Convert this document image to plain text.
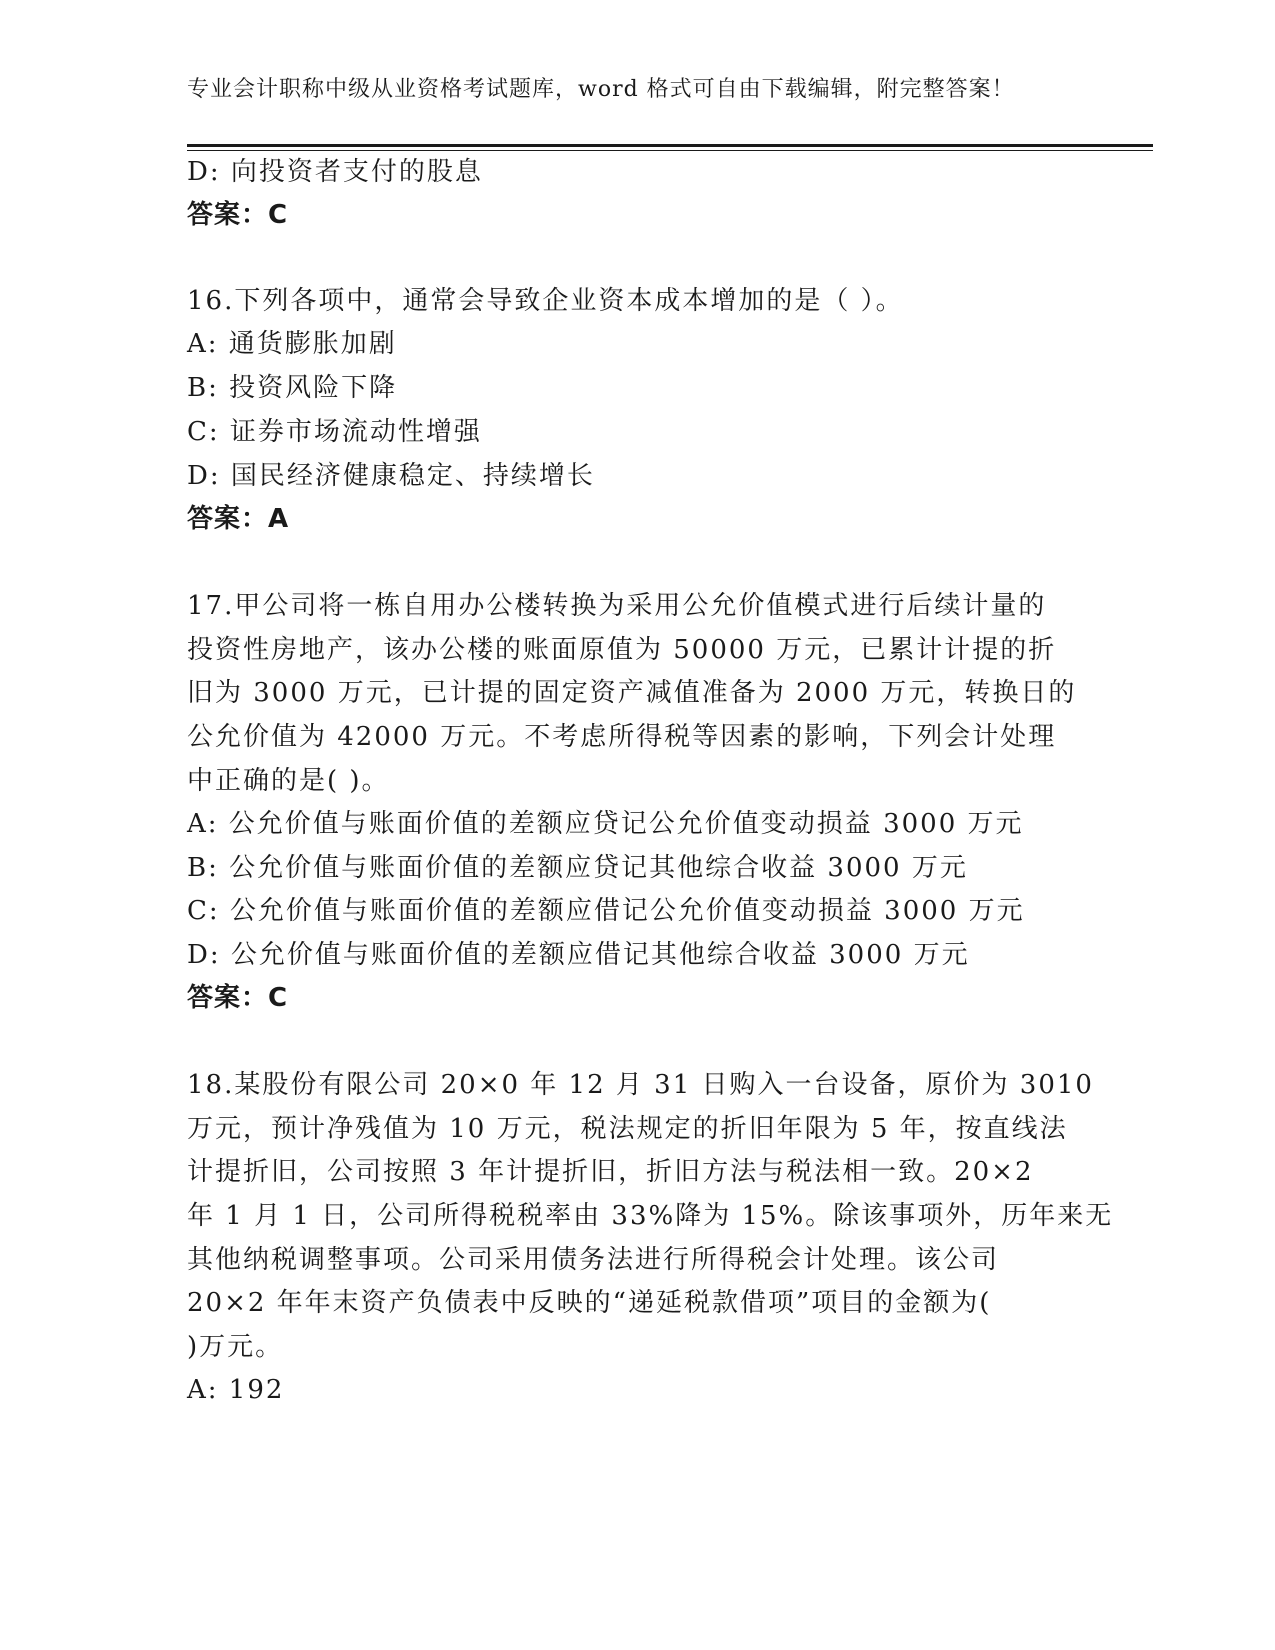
专业会计职称中级从业资格考试题库，word 格式可自由下载编辑，附完整答案！
D: 向投资者支付的股息
答案：C
16.下列各项中，通常会导致企业资本成本增加的是（ ）。
A: 通货膨胀加剧
B: 投资风险下降
C: 证券市场流动性增强
D: 国民经济健康稳定、持续增长
答案：A
17.甲公司将一栋自用办公楼转换为采用公允价值模式进行后续计量的
投资性房地产，该办公楼的账面原值为 50000 万元，已累计计提的折
旧为 3000 万元，已计提的固定资产减值准备为 2000 万元，转换日的
公允价值为 42000 万元。不考虑所得税等因素的影响，下列会计处理
中正确的是( )。
A: 公允价值与账面价值的差额应贷记公允价值变动损益 3000 万元
B: 公允价值与账面价值的差额应贷记其他综合收益 3000 万元
C: 公允价值与账面价值的差额应借记公允价值变动损益 3000 万元
D: 公允价值与账面价值的差额应借记其他综合收益 3000 万元
答案：C
18.某股份有限公司 20×0 年 12 月 31 日购入一台设备，原价为 3010
万元，预计净残值为 10 万元，税法规定的折旧年限为 5 年，按直线法
计提折旧，公司按照 3 年计提折旧，折旧方法与税法相一致。20×2
年 1 月 1 日，公司所得税税率由 33%降为 15%。除该事项外，历年来无
其他纳税调整事项。公司采用债务法进行所得税会计处理。该公司
20×2 年年末资产负债表中反映的“递延税款借项”项目的金额为(
)万元。
A: 192
